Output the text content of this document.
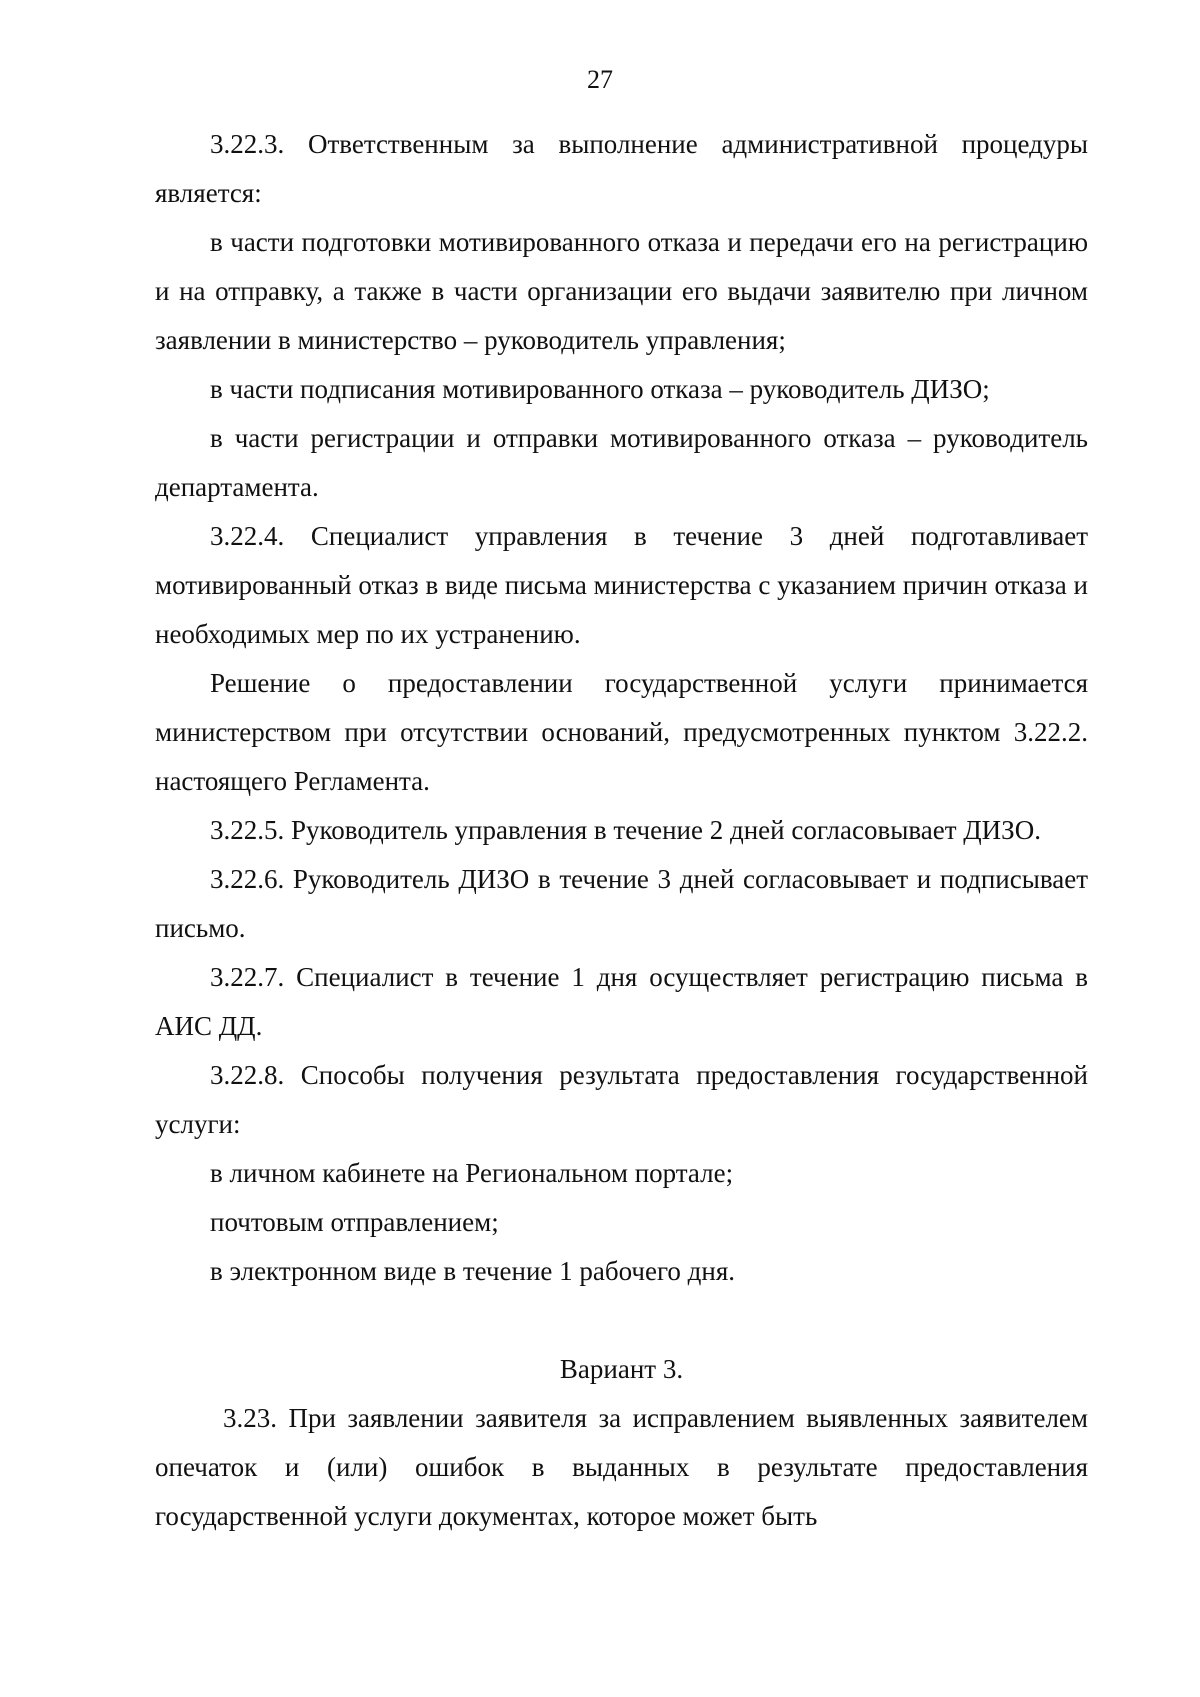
27

3.22.3. Ответственным за выполнение административной процедуры является:

в части подготовки мотивированного отказа и передачи его на регистрацию и на отправку, а также в части организации его выдачи заявителю при личном заявлении в министерство – руководитель управления;

в части подписания мотивированного отказа – руководитель ДИЗО;

в части регистрации и отправки мотивированного отказа – руководитель департамента.

3.22.4. Специалист управления в течение 3 дней подготавливает мотивированный отказ в виде письма министерства с указанием причин отказа и необходимых мер по их устранению.

Решение о предоставлении государственной услуги принимается министерством при отсутствии оснований, предусмотренных пунктом 3.22.2. настоящего Регламента.

3.22.5. Руководитель управления в течение 2 дней согласовывает ДИЗО.

3.22.6. Руководитель ДИЗО в течение 3 дней согласовывает и подписывает письмо.

3.22.7. Специалист в течение 1 дня осуществляет регистрацию письма в АИС ДД.

3.22.8. Способы получения результата предоставления государственной услуги:

в личном кабинете на Региональном портале;

почтовым отправлением;

в электронном виде в течение 1 рабочего дня.

Вариант 3.

3.23. При заявлении заявителя за исправлением выявленных заявителем опечаток и (или) ошибок в выданных в результате предоставления государственной услуги документах, которое может быть
